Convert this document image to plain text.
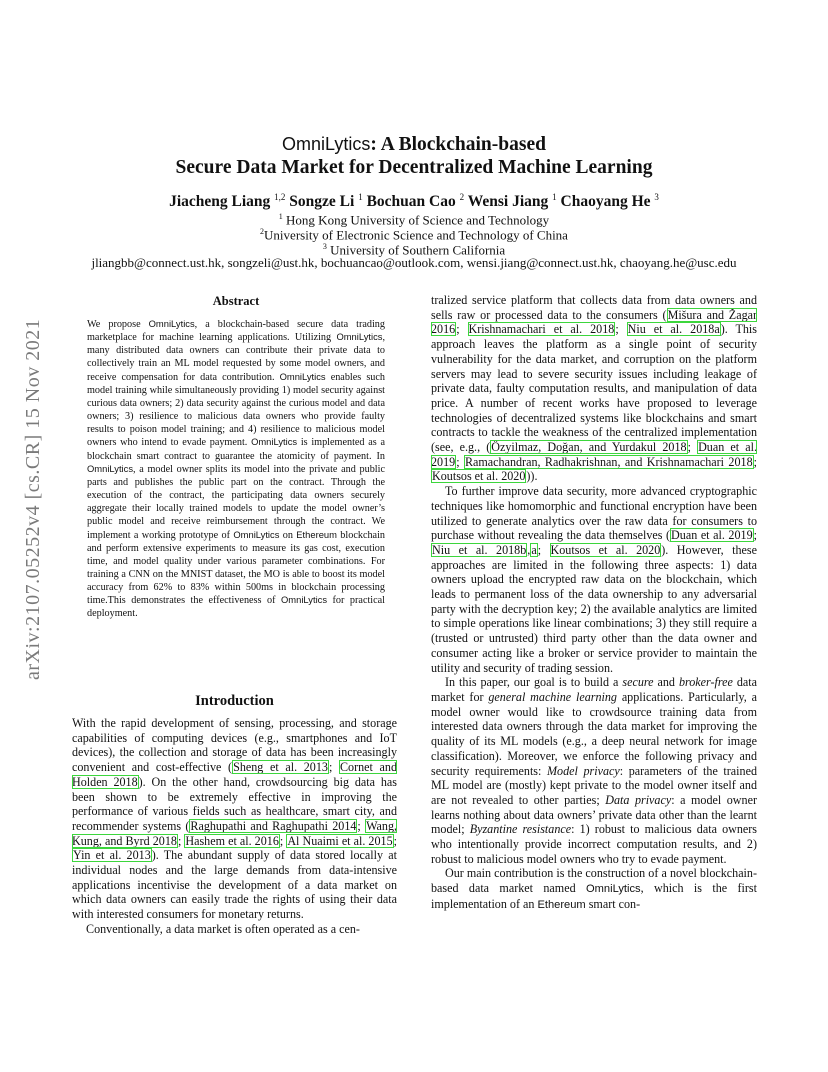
arXiv:2107.05252v4 [cs.CR] 15 Nov 2021
OmniLytics: A Blockchain-based
Secure Data Market for Decentralized Machine Learning
Jiacheng Liang $^{1,2}$ Songze Li $^1$ Bochuan Cao $^2$ Wensi Jiang $^1$ Chaoyang He $^3$
$^1$ Hong Kong University of Science and Technology
$^2$University of Electronic Science and Technology of China
$^3$ University of Southern California
jliangbb@connect.ust.hk, songzeli@ust.hk, bochuancao@outlook.com, wensi.jiang@connect.ust.hk, chaoyang.he@usc.edu
Abstract

We propose OmniLytics, a blockchain-based secure data trading marketplace for machine learning applications. Utilizing OmniLytics, many distributed data owners can contribute their private data to collectively train an ML model requested by some model owners, and receive compensation for data contribution. OmniLytics enables such model training while simultaneously providing 1) model security against curious data owners; 2) data security against the curious model and data owners; 3) resilience to malicious data owners who provide faulty results to poison model training; and 4) resilience to malicious model owners who intend to evade payment. OmniLytics is implemented as a blockchain smart contract to guarantee the atomicity of payment. In OmniLytics, a model owner splits its model into the private and public parts and publishes the public part on the contract. Through the execution of the contract, the participating data owners securely aggregate their locally trained models to update the model owner’s public model and receive reimbursement through the contract. We implement a working prototype of OmniLytics on Ethereum blockchain and perform extensive experiments to measure its gas cost, execution time, and model quality under various parameter combinations. For training a CNN on the MNIST dataset, the MO is able to boost its model accuracy from 62% to 83% within 500ms in blockchain processing time.This demonstrates the effectiveness of OmniLytics for practical deployment.

Introduction

With the rapid development of sensing, processing, and storage capabilities of computing devices (e.g., smartphones and IoT devices), the collection and storage of data has been increasingly convenient and cost-effective (Sheng et al. 2013; Cornet and Holden 2018). On the other hand, crowdsourcing big data has been shown to be extremely effective in improving the performance of various fields such as healthcare, smart city, and recommender systems (Raghupathi and Raghupathi 2014; Wang, Kung, and Byrd 2018; Hashem et al. 2016; Al Nuaimi et al. 2015; Yin et al. 2013). The abundant supply of data stored locally at individual nodes and the large demands from data-intensive applications incentivise the development of a data market on which data owners can easily trade the rights of using their data with interested consumers for monetary returns.

Conventionally, a data market is often operated as a cen-

tralized service platform that collects data from data owners and sells raw or processed data to the consumers (Mišura and Žagar 2016; Krishnamachari et al. 2018; Niu et al. 2018a). This approach leaves the platform as a single point of security vulnerability for the data market, and corruption on the platform servers may lead to severe security issues including leakage of private data, faulty computation results, and manipulation of data price. A number of recent works have proposed to leverage technologies of decentralized systems like blockchains and smart contracts to tackle the weakness of the centralized implementation (see, e.g., (Özyilmaz, Doğan, and Yurdakul 2018; Duan et al. 2019; Ramachandran, Radhakrishnan, and Krishnamachari 2018; Koutsos et al. 2020)).

To further improve data security, more advanced cryptographic techniques like homomorphic and functional encryption have been utilized to generate analytics over the raw data for consumers to purchase without revealing the data themselves (Duan et al. 2019; Niu et al. 2018b,a; Koutsos et al. 2020). However, these approaches are limited in the following three aspects: 1) data owners upload the encrypted raw data on the blockchain, which leads to permanent loss of the data ownership to any adversarial party with the decryption key; 2) the available analytics are limited to simple operations like linear combinations; 3) they still require a (trusted or untrusted) third party other than the data owner and consumer acting like a broker or service provider to maintain the utility and security of trading session.

In this paper, our goal is to build a secure and broker-free data market for general machine learning applications. Particularly, a model owner would like to crowdsource training data from interested data owners through the data market for improving the quality of its ML models (e.g., a deep neural network for image classification). Moreover, we enforce the following privacy and security requirements: Model privacy: parameters of the trained ML model are (mostly) kept private to the model owner itself and are not revealed to other parties; Data privacy: a model owner learns nothing about data owners’ private data other than the learnt model; Byzantine resistance: 1) robust to malicious data owners who intentionally provide incorrect computation results, and 2) robust to malicious model owners who try to evade payment.

Our main contribution is the construction of a novel blockchain-based data market named OmniLytics, which is the first implementation of an Ethereum smart con-
